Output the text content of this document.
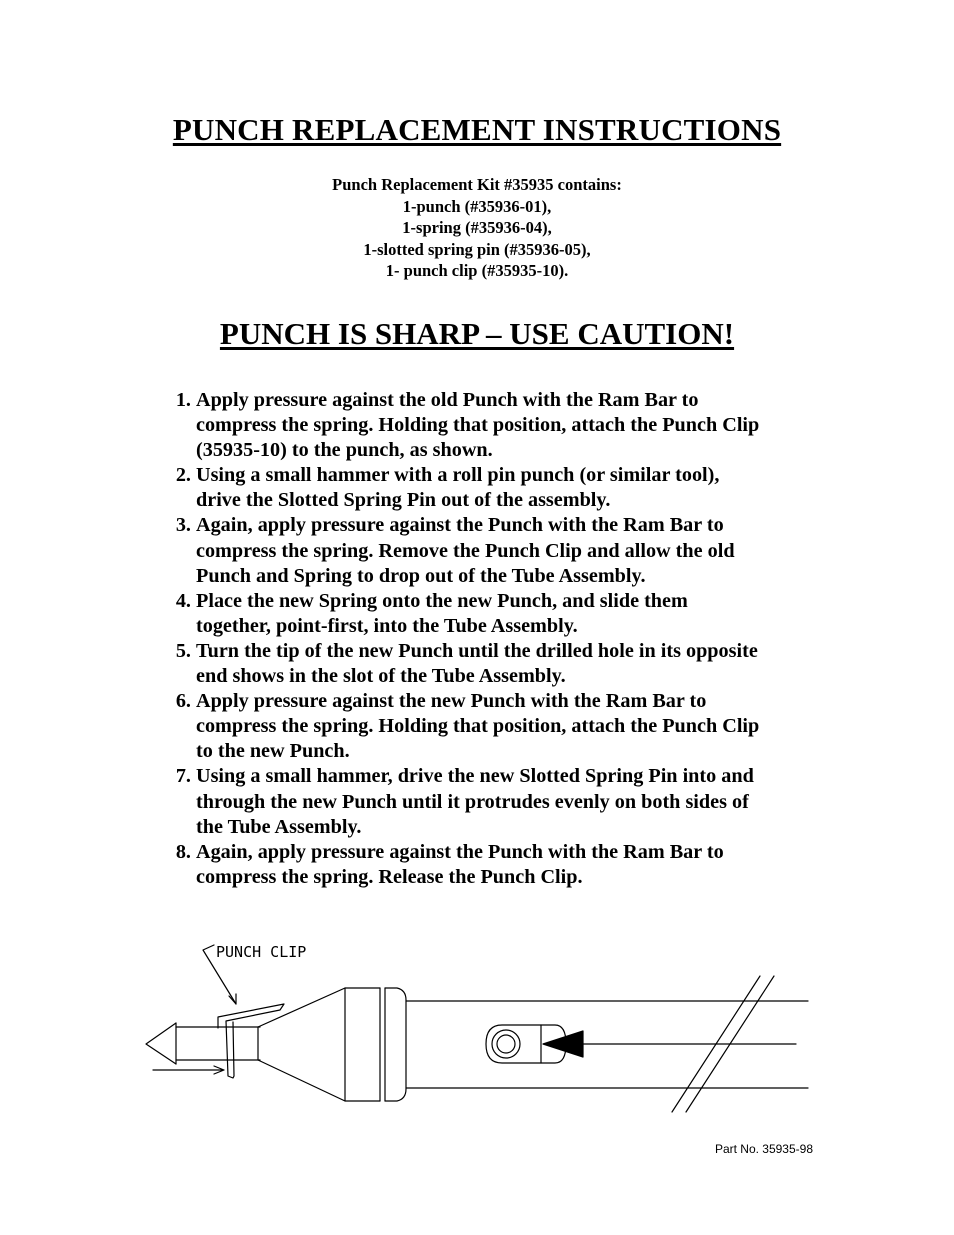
PUNCH REPLACEMENT INSTRUCTIONS
Punch Replacement Kit #35935 contains:
1-punch (#35936-01),
1-spring (#35936-04),
1-slotted spring pin (#35936-05),
1- punch clip (#35935-10).
PUNCH IS SHARP – USE CAUTION!
1. Apply pressure against the old Punch with the Ram Bar to
compress the spring. Holding that position, attach the Punch Clip
(35935-10) to the punch, as shown.
2. Using a small hammer with a roll pin punch (or similar tool),
drive the Slotted Spring Pin out of the assembly.
3. Again, apply pressure against the Punch with the Ram Bar to
compress the spring. Remove the Punch Clip and allow the old
Punch and Spring to drop out of the Tube Assembly.
4. Place the new Spring onto the new Punch, and slide them
together, point-first, into the Tube Assembly.
5. Turn the tip of the new Punch until the drilled hole in its opposite
end shows in the slot of the Tube Assembly.
6. Apply pressure against the new Punch with the Ram Bar to
compress the spring. Holding that position, attach the Punch Clip
to the new Punch.
7. Using a small hammer, drive the new Slotted Spring Pin into and
through the new Punch until it protrudes evenly on both sides of
the Tube Assembly.
8. Again, apply pressure against the Punch with the Ram Bar to
compress the spring. Release the Punch Clip.
PUNCH CLIP
Part No. 35935-98
